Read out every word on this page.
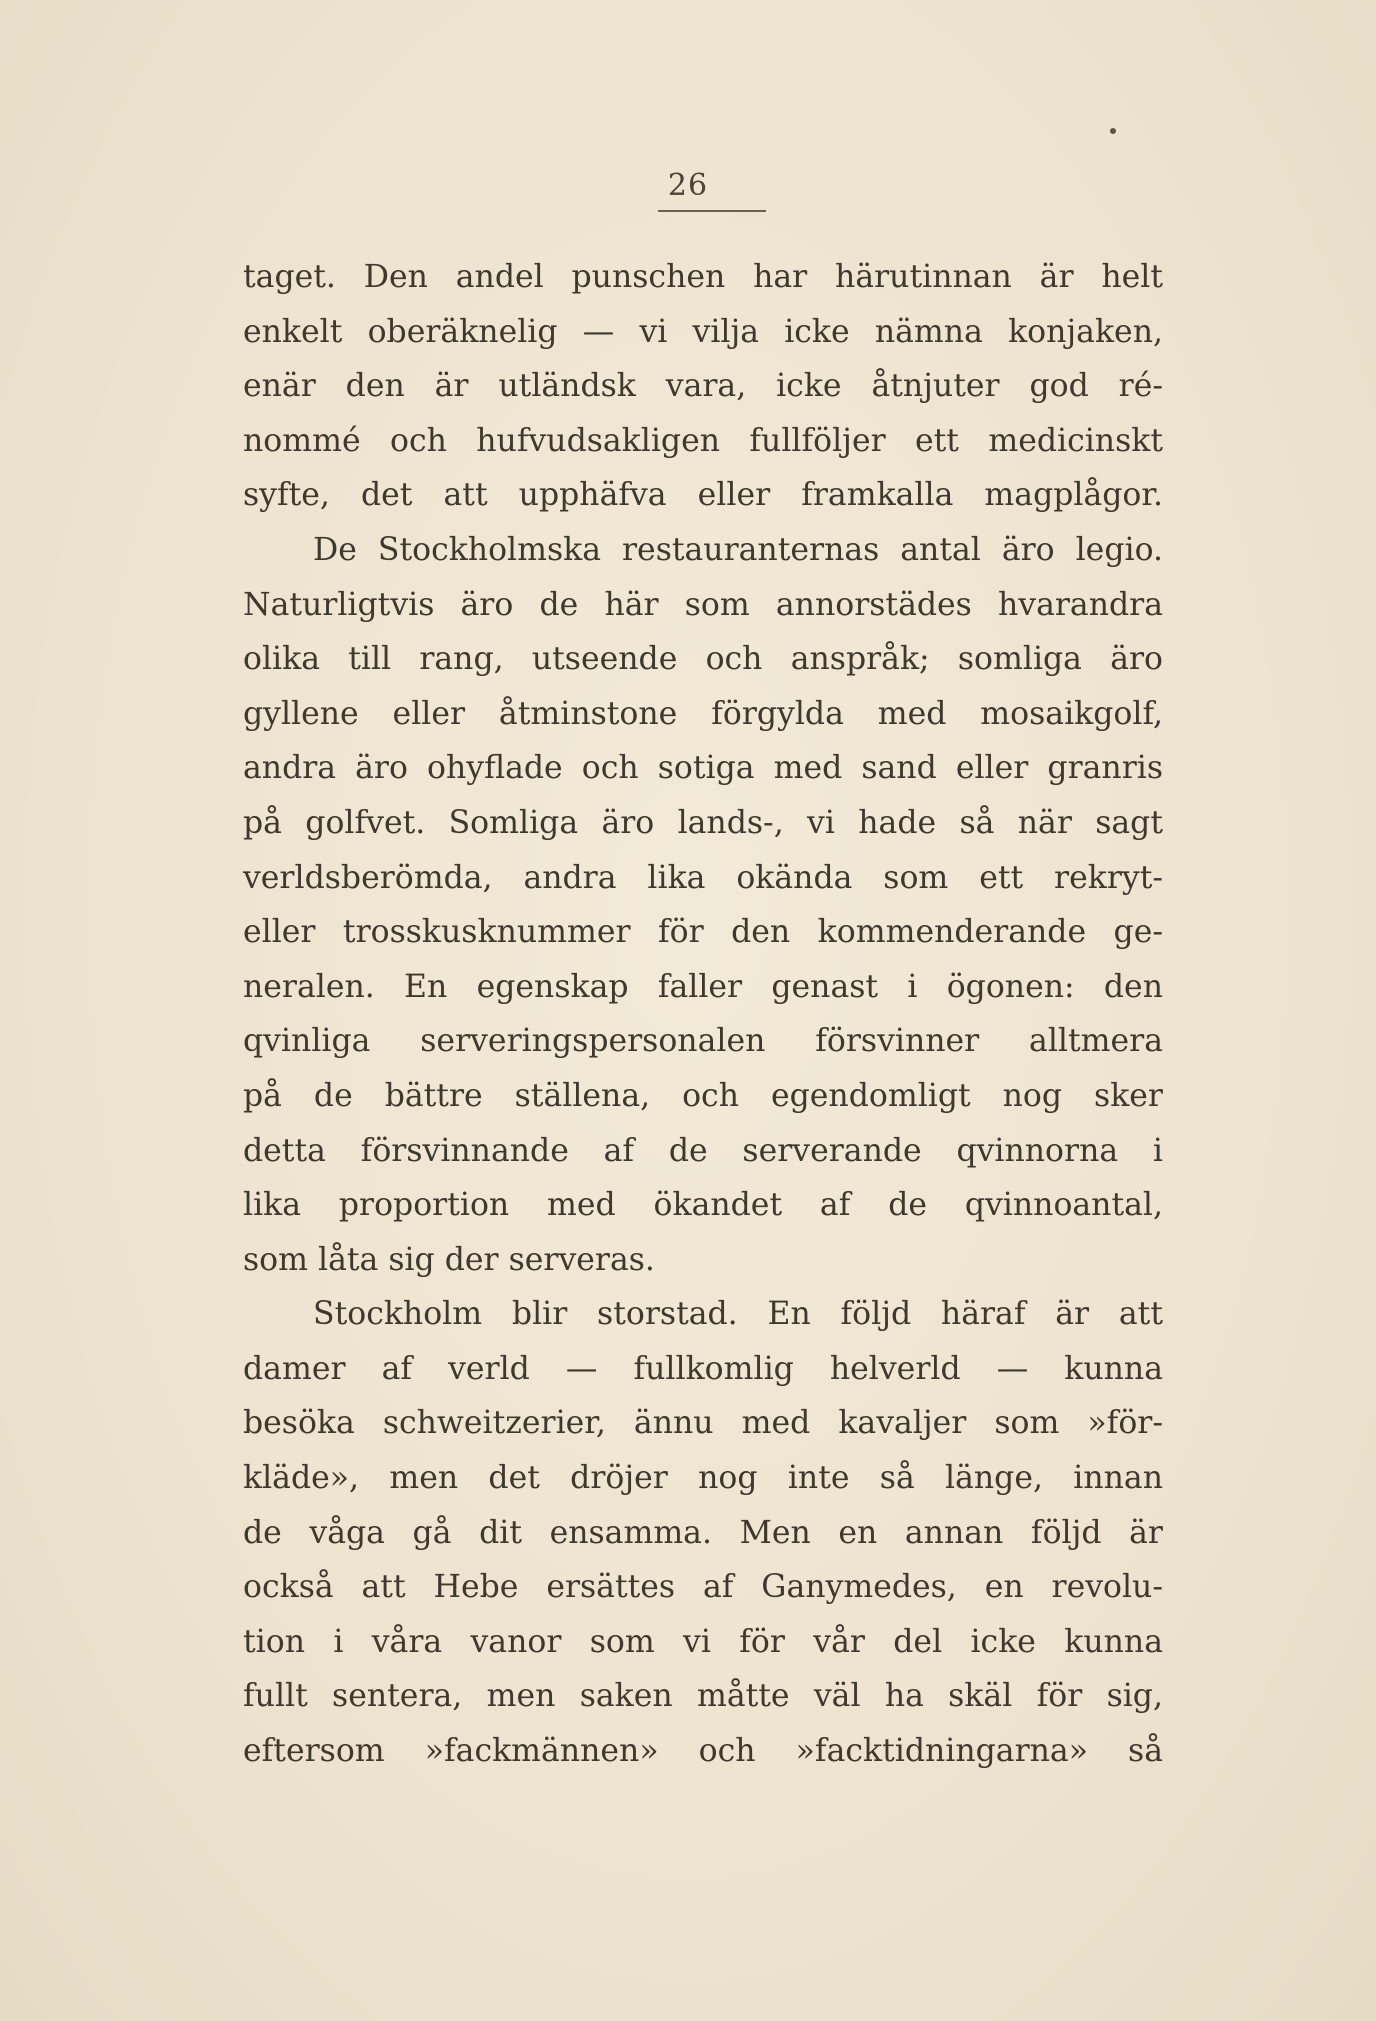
26
taget. Den andel punschen har härutinnan är helt
enkelt oberäknelig — vi vilja icke nämna konjaken,
enär den är utländsk vara, icke åtnjuter god ré-
nommé och hufvudsakligen fullföljer ett medicinskt
syfte, det att upphäfva eller framkalla magplågor.
De Stockholmska restauranternas antal äro legio.
Naturligtvis äro de här som annorstädes hvarandra
olika till rang, utseende och anspråk; somliga äro
gyllene eller åtminstone förgylda med mosaikgolf,
andra äro ohyflade och sotiga med sand eller granris
på golfvet. Somliga äro lands-, vi hade så när sagt
verldsberömda, andra lika okända som ett rekryt-
eller trosskusknummer för den kommenderande ge-
neralen. En egenskap faller genast i ögonen: den
qvinliga serveringspersonalen försvinner alltmera
på de bättre ställena, och egendomligt nog sker
detta försvinnande af de serverande qvinnorna i
lika proportion med ökandet af de qvinnoantal,
som låta sig der serveras.
Stockholm blir storstad. En följd häraf är att
damer af verld — fullkomlig helverld — kunna
besöka schweitzerier, ännu med kavaljer som »för-
kläde», men det dröjer nog inte så länge, innan
de våga gå dit ensamma. Men en annan följd är
också att Hebe ersättes af Ganymedes, en revolu-
tion i våra vanor som vi för vår del icke kunna
fullt sentera, men saken måtte väl ha skäl för sig,
eftersom »fackmännen» och »facktidningarna» så
